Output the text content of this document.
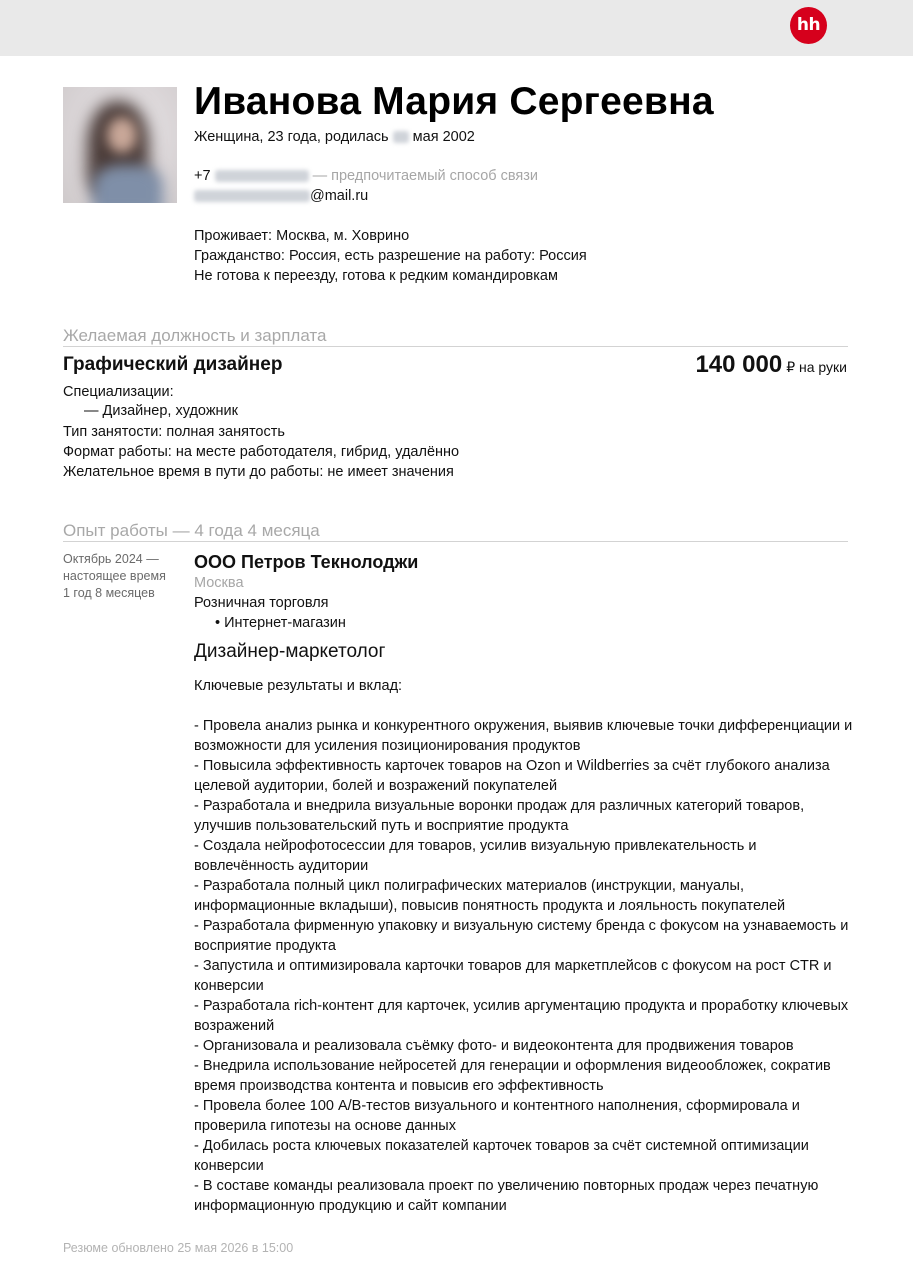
hh
Иванова Мария Сергеевна
Женщина, 23 года, родилась мая 2002
+7	— предпочитаемый способ связи
@mail.ru
Проживает: Москва, м. Ховрино
Гражданство: Россия, есть разрешение на работу: Россия
Не готова к переезду, готова к редким командировкам
Желаемая должность и зарплата
Графический дизайнер	140 000 ₽ на руки
Специализации:
— Дизайнер, художник
Тип занятости: полная занятость
Формат работы: на месте работодателя, гибрид, удалённо
Желательное время в пути до работы: не имеет значения
Опыт работы — 4 года 4 месяца
Октябрь 2024 —
настоящее время
1 год 8 месяцев
ООО Петров Текнолоджи
Москва
Розничная торговля
• Интернет-магазин
Дизайнер-маркетолог

Ключевые результаты и вклад:

- Провела анализ рынка и конкурентного окружения, выявив ключевые точки дифференциации и возможности для усиления позиционирования продуктов

- Повысила эффективность карточек товаров на Ozon и Wildberries за счёт глубокого анализа целевой аудитории, болей и возражений покупателей

- Разработала и внедрила визуальные воронки продаж для различных категорий товаров, улучшив пользовательский путь и восприятие продукта

- Создала нейрофотосессии для товаров, усилив визуальную привлекательность и вовлечённость аудитории

- Разработала полный цикл полиграфических материалов (инструкции, мануалы, информационные вкладыши), повысив понятность продукта и лояльность покупателей

- Разработала фирменную упаковку и визуальную систему бренда с фокусом на узнаваемость и восприятие продукта

- Запустила и оптимизировала карточки товаров для маркетплейсов с фокусом на рост CTR и конверсии

- Разработала rich-контент для карточек, усилив аргументацию продукта и проработку ключевых возражений

- Организовала и реализовала съёмку фото- и видеоконтента для продвижения товаров

- Внедрила использование нейросетей для генерации и оформления видеообложек, сократив время производства контента и повысив его эффективность

- Провела более 100 A/B-тестов визуального и контентного наполнения, сформировала и проверила гипотезы на основе данных

- Добилась роста ключевых показателей карточек товаров за счёт системной оптимизации конверсии

- В составе команды реализовала проект по увеличению повторных продаж через печатную информационную продукцию и сайт компании

Резюме обновлено 25 мая 2026 в 15:00
